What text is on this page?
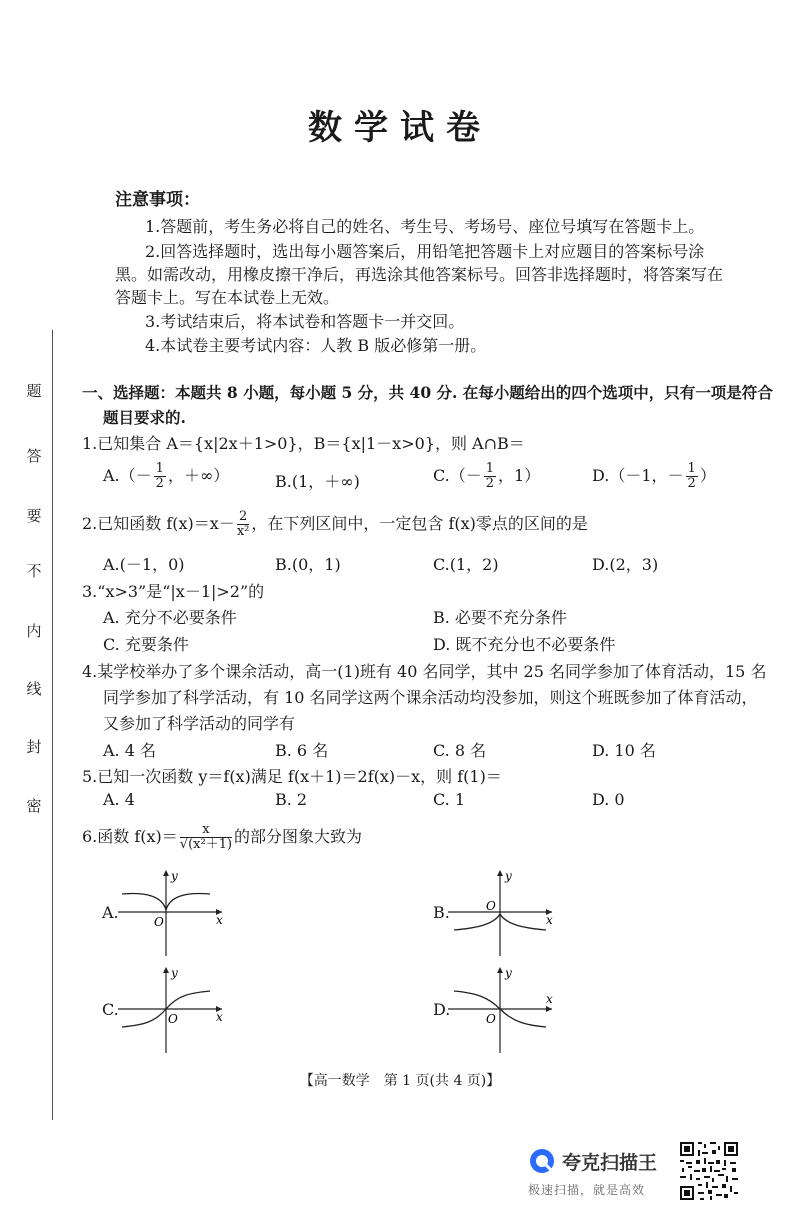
题
答
要
不
内
线
封
密
数学试卷
注意事项：
1.答题前，考生务必将自己的姓名、考生号、考场号、座位号填写在答题卡上。
2.回答选择题时，选出每小题答案后，用铅笔把答题卡上对应题目的答案标号涂
黑。如需改动，用橡皮擦干净后，再选涂其他答案标号。回答非选择题时，将答案写在
答题卡上。写在本试卷上无效。
3.考试结束后，将本试卷和答题卡一并交回。
4.本试卷主要考试内容：人教 B 版必修第一册。
一、选择题：本题共 8 小题，每小题 5 分，共 40 分. 在每小题给出的四个选项中，只有一项是符合
题目要求的.
1.已知集合 A＝{x|2x＋1>0}，B＝{x|1－x>0}，则 A∩B＝
$A.(- \frac{1}{2}$ ，＋∞）	B.(1，＋∞)	$C.(- \frac{1}{2}$ ，1）	D.（－1，－ $\frac{1}{2}$ ）
2.已知函数 $f(x)=x- \frac{2}{\text{x²}}$ ，在下列区间中，一定包含 f(x)零点的区间的是
A.(－1，0)	B.(0，1)	C.(1，2)	D.(2，3)
3.“x>3”是“|x－1|>2”的
A. 充分不必要条件	B. 必要不充分条件
C. 充要条件	D. 既不充分也不必要条件
4.某学校举办了多个课余活动，高一(1)班有 40 名同学，其中 25 名同学参加了体育活动，15 名
同学参加了科学活动，有 10 名同学这两个课余活动均没参加，则这个班既参加了体育活动，
又参加了科学活动的同学有
A. 4 名	B. 6 名	C. 8 名	D. 10 名
5.已知一次函数 y＝f(x)满足 f(x＋1)＝2f(x)－x，则 f(1)＝
A. 4	B. 2	C. 1	D. 0
6.函数 $f(x)= \frac{x}{\text{√(x²＋1)}}$ 的部分图象大致为
A.
y
x
O	B.
y
x
O
C.
y
x
O	D.
y
x
O
【高一数学　第 1 页(共 4 页)】
夸克扫描王
极速扫描，就是高效
